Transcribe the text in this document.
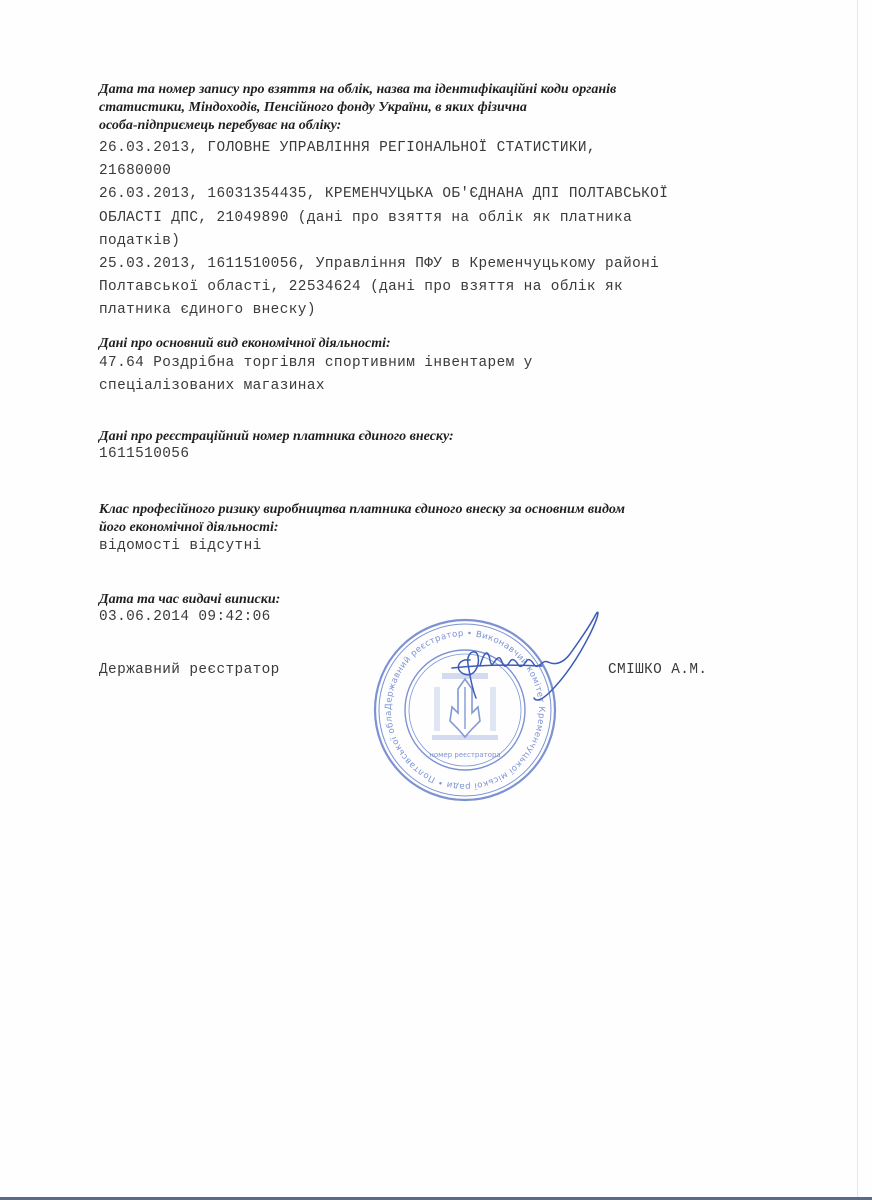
Дата та номер запису про взяття на облік, назва та ідентифікаційні коди органів
статистики, Міндоходів, Пенсійного фонду України, в яких фізична
особа-підприємець перебуває на обліку:
26.03.2013, ГОЛОВНЕ УПРАВЛІННЯ РЕГІОНАЛЬНОЇ СТАТИСТИКИ,
21680000
26.03.2013, 16031354435, КРЕМЕНЧУЦЬКА ОБ'ЄДНАНА ДПІ ПОЛТАВСЬКОЇ
ОБЛАСТІ ДПС, 21049890 (дані про взяття на облік як платника
податків)
25.03.2013, 1611510056, Управління ПФУ в Кременчуцькому районі
Полтавської області, 22534624 (дані про взяття на облік як
платника єдиного внеску)
Дані про основний вид економічної діяльності:
47.64 Роздрібна торгівля спортивним інвентарем у
спеціалізованих магазинах
Дані про реєстраційний номер платника єдиного внеску:
1611510056
Клас професійного ризику виробництва платника єдиного внеску за основним видом
його економічної діяльності:
відомості відсутні
Дата та час видачі виписки:
03.06.2014 09:42:06
Державний реєстратор	СМІШКО А.М.
Державний реєстратор • Виконавчий комітет Кременчуцької міської ради • Полтавської обла
номер реєстратора
